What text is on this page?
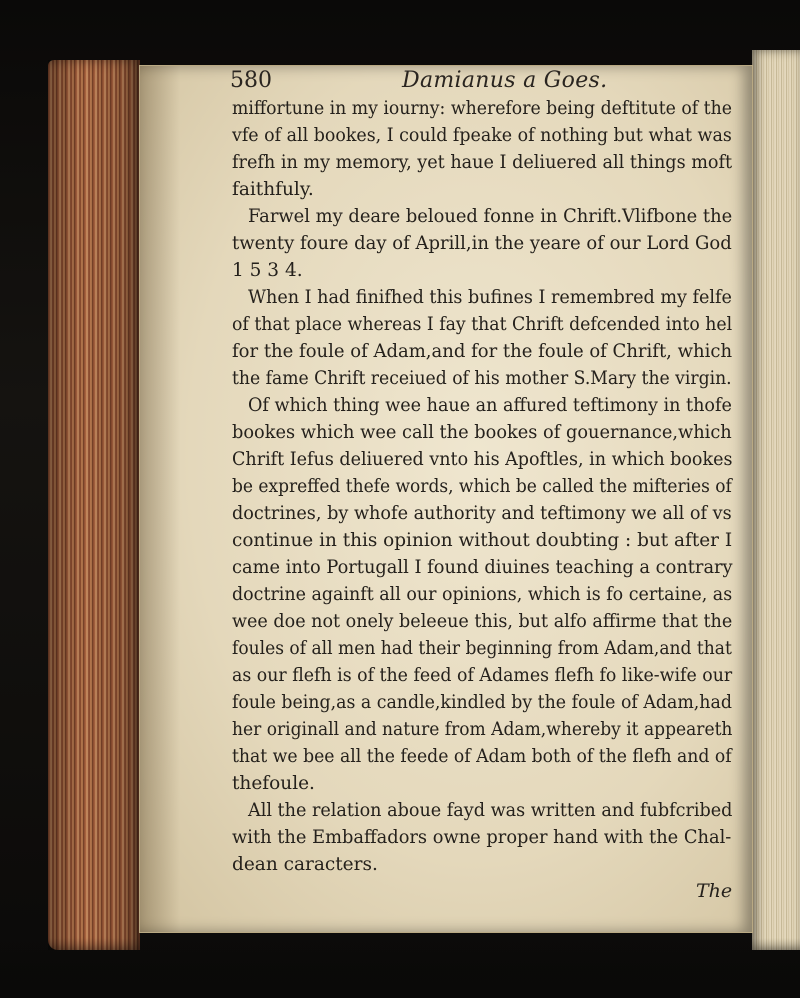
580	Damianus a Goes.
miffortune in my iourny: wherefore being deftitute of the
vfe of all bookes, I could fpeake of nothing but what was
frefh in my memory, yet haue I deliuered all things moft
faithfuly.
Farwel my deare beloued fonne in Chrift.Vlifbone the
twenty foure day of Aprill,in the yeare of our Lord God
1 5 3 4.
When I had finifhed this bufines I remembred my felfe
of that place whereas I fay that Chrift defcended into hel
for the foule of Adam,and for the foule of Chrift, which
the fame Chrift receiued of his mother S.Mary the virgin.
Of which thing wee haue an affured teftimony in thofe
bookes which wee call the bookes of gouernance,which
Chrift Iefus deliuered vnto his Apoftles, in which bookes
be expreffed thefe words, which be called the mifteries of
doctrines, by whofe authority and teftimony we all of vs
continue in this opinion without doubting : but after I
came into Portugall I found diuines teaching a contrary
doctrine againft all our opinions, which is fo certaine, as
wee doe not onely beleeue this, but alfo affirme that the
foules of all men had their beginning from Adam,and that
as our flefh is of the feed of Adames flefh fo like-wife our
foule being,as a candle,kindled by the foule of Adam,had
her originall and nature from Adam,whereby it appeareth
that we bee all the feede of Adam both of the flefh and of
thefoule.
All the relation aboue fayd was written and fubfcribed
with the Embaffadors owne proper hand with the Chal-
dean caracters.
The
